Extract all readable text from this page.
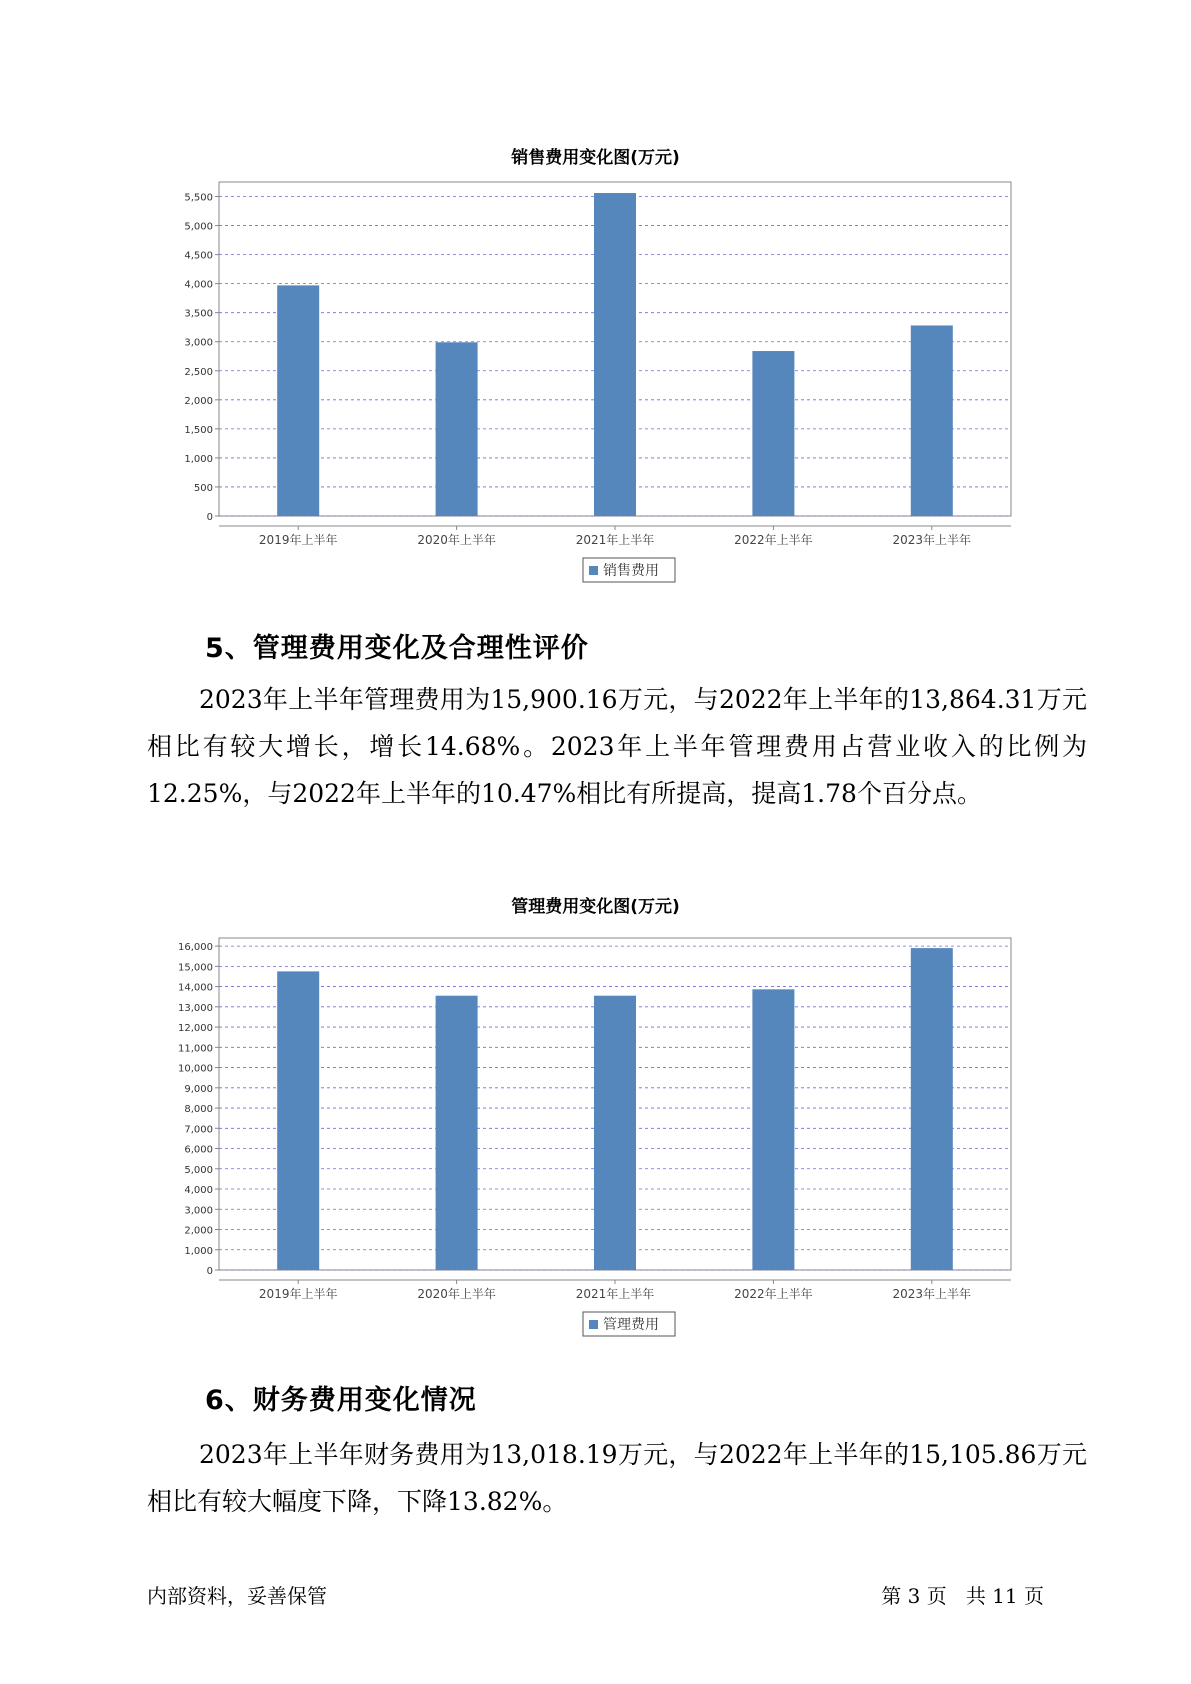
销售费用变化图(万元)
0
500
1,000
1,500
2,000
2,500
3,000
3,500
4,000
4,500
5,000
5,500
2019年上半年	2020年上半年	2021年上半年	2022年上半年	2023年上半年
销售费用
5、管理费用变化及合理性评价

2023年上半年管理费用为15,900.16万元，与2022年上半年的13,864.31万元相比有较大增长，增长14.68%。2023年上半年管理费用占营业收入的比例为12.25%，与2022年上半年的10.47%相比有所提高，提高1.78个百分点。

管理费用变化图(万元)
0
1,000
2,000
3,000
4,000
5,000
6,000
7,000
8,000
9,000
10,000
11,000
12,000
13,000
14,000
15,000
16,000
2019年上半年	2020年上半年	2021年上半年	2022年上半年	2023年上半年
管理费用
6、财务费用变化情况

2023年上半年财务费用为13,018.19万元，与2022年上半年的15,105.86万元相比有较大幅度下降，下降13.82%。

内部资料，妥善保管	第 3 页   共 11 页
